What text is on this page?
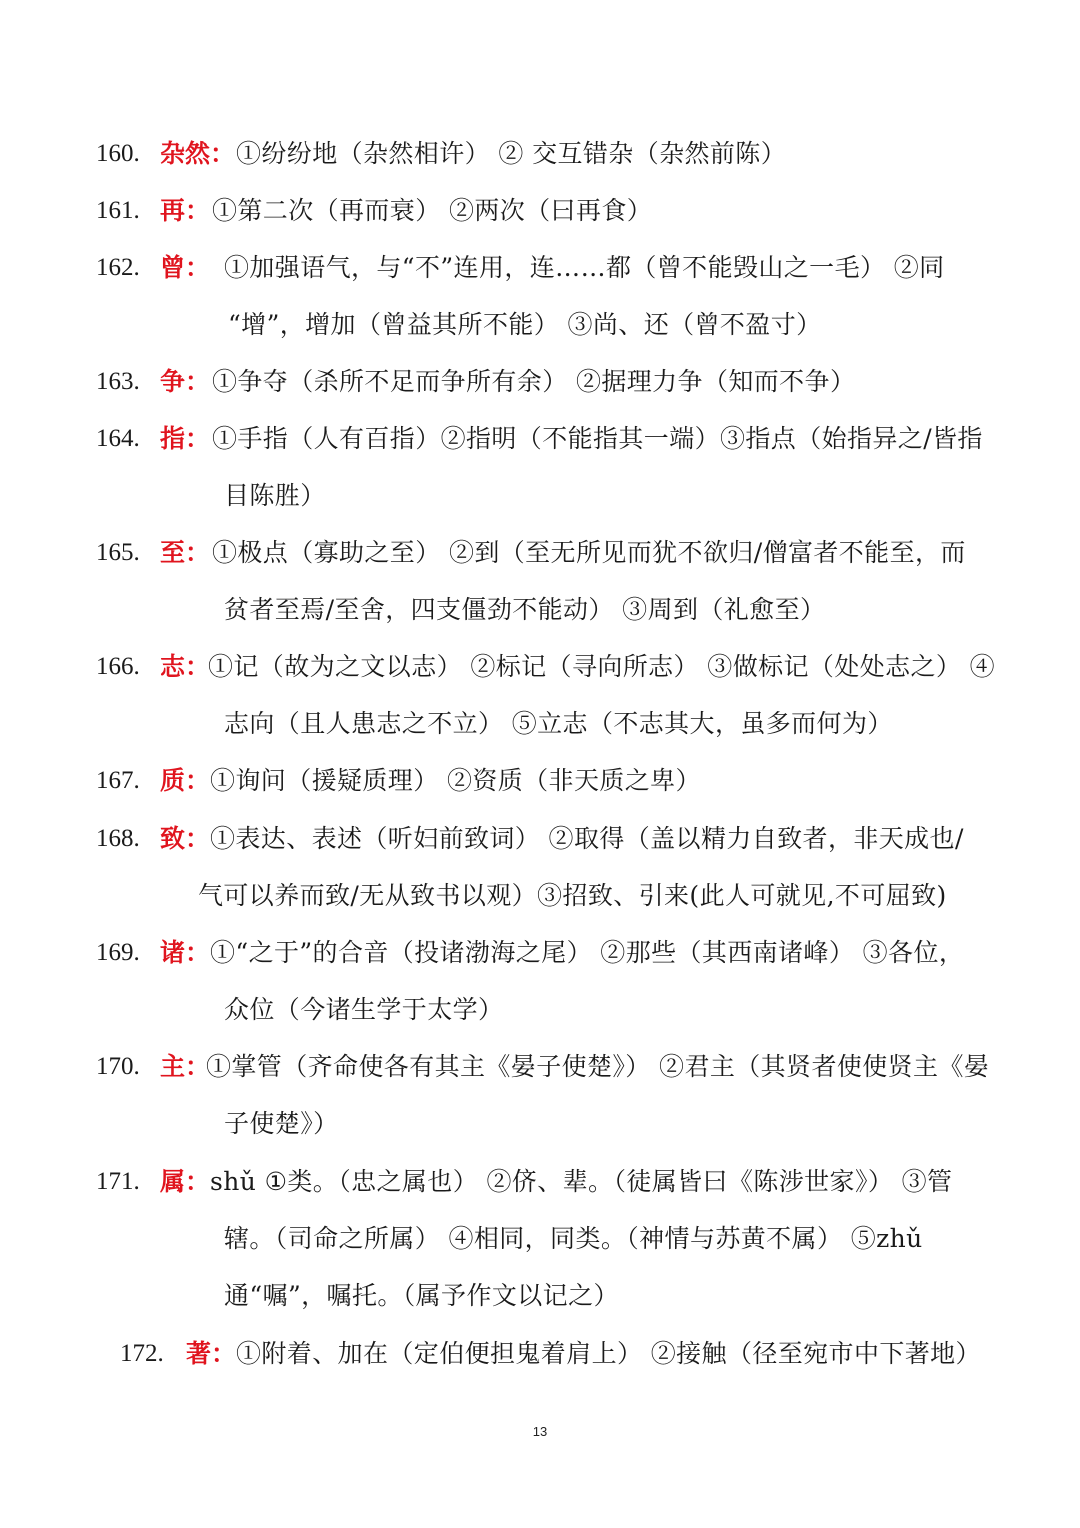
160. 杂然： ①纷纷地（杂然相许） ② 交互错杂（杂然前陈）
161. 再： ①第二次（再而衰） ②两次（曰再食）
162. 曾： ①加强语气，与“不”连用，连……都（曾不能毁山之一毛） ②同
“增”，增加（曾益其所不能） ③尚、还（曾不盈寸）
163. 争： ①争夺（杀所不足而争所有余） ②据理力争（知而不争）
164. 指： ①手指（人有百指）②指明（不能指其一端）③指点（始指异之/皆指
目陈胜）
165. 至： ①极点（寡助之至） ②到（至无所见而犹不欲归/僧富者不能至，而
贫者至焉/至舍，四支僵劲不能动） ③周到（礼愈至）
166. 志：
①记（故为之文以志） ②标记（寻向所志） ③做标记（处处志之） ④
志向（且人患志之不立） ⑤立志（不志其大，虽多而何为）
167. 质： ①询问（援疑质理） ②资质（非天质之卑）
168. 致： ①表达、表述（听妇前致词） ②取得（盖以精力自致者，非天成也/
气可以养而致/无从致书以观）③招致、引来(此人可就见,不可屈致)
169. 诸： ①“之于”的合音（投诸渤海之尾） ②那些（其西南诸峰） ③各位，
众位（今诸生学于太学）
170. 主：
①掌管（齐命使各有其主《晏子使楚》） ②君主（其贤者使使贤主《晏
子使楚》）
171. 属： shǔ ①类。（忠之属也） ②侪、辈。（徒属皆曰《陈涉世家》） ③管
辖。（司命之所属） ④相同，同类。（神情与苏黄不属） ⑤zhǔ
通“嘱”，嘱托。（属予作文以记之）
172. 著： ①附着、加在（定伯便担鬼着肩上） ②接触（径至宛市中下著地）
13
